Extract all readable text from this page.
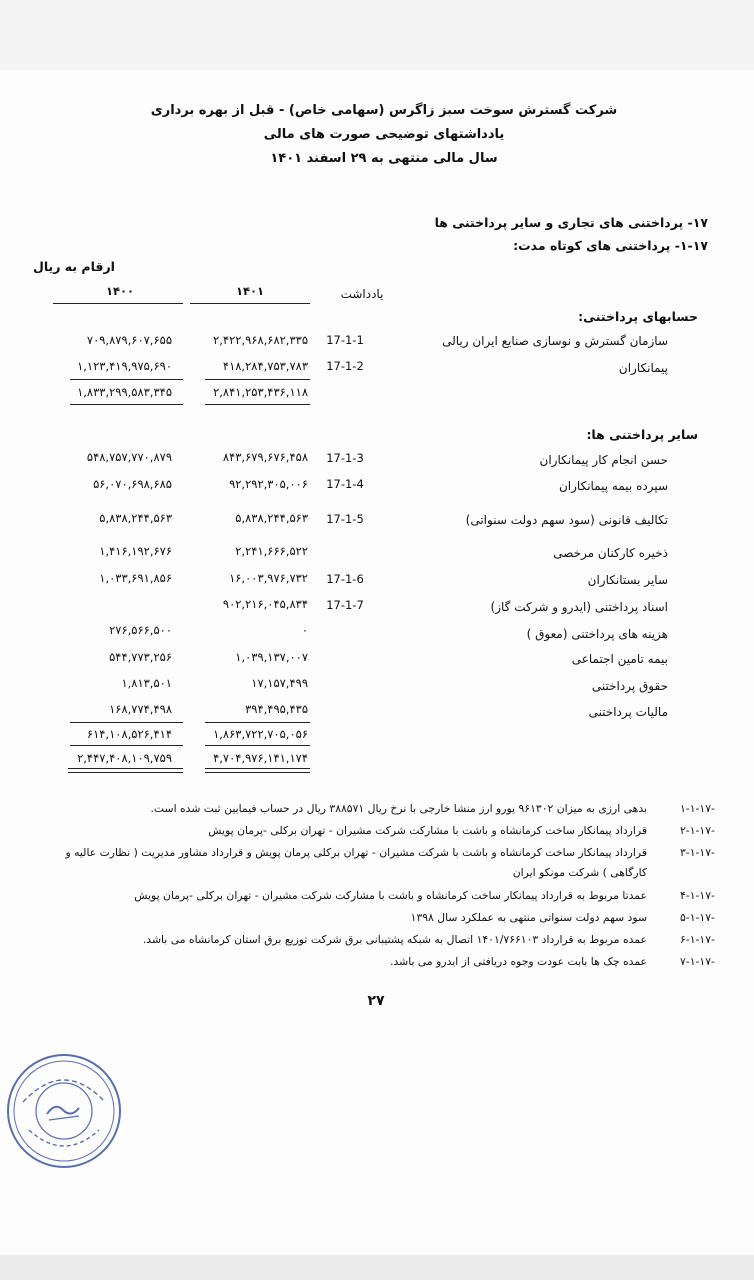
شرکت گسترش سوخت سبز زاگرس (سهامی خاص) - قبل از بهره برداری
یادداشتهای توضیحی صورت های مالی
سال مالی منتهی به ۲۹ اسفند ۱۴۰۱
۱۷- پرداختنی های تجاری و سایر پرداختنی ها
۱-۱۷- پرداختنی های کوتاه مدت:
ارقام به ریال
یادداشت
۱۴۰۱
۱۴۰۰
حسابهای پرداختنی:
سازمان گسترش و نوسازی صنایع ایران ریالی
17-1-1
۲,۴۲۲,۹۶۸,۶۸۲,۳۳۵
۷۰۹,۸۷۹,۶۰۷,۶۵۵
پیمانکاران
17-1-2
۴۱۸,۲۸۴,۷۵۳,۷۸۳
۱,۱۲۳,۴۱۹,۹۷۵,۶۹۰
۲,۸۴۱,۲۵۳,۴۳۶,۱۱۸
۱,۸۳۳,۲۹۹,۵۸۳,۳۴۵
سایر پرداختنی ها:
حسن انجام کار پیمانکاران
17-1-3
۸۴۳,۶۷۹,۶۷۶,۴۵۸
۵۴۸,۷۵۷,۷۷۰,۸۷۹
سپرده بیمه پیمانکاران
17-1-4
۹۲,۲۹۲,۳۰۵,۰۰۶
۵۶,۰۷۰,۶۹۸,۶۸۵
تکالیف قانونی (سود سهم دولت سنواتی)
17-1-5
۵,۸۳۸,۲۴۴,۵۶۳
۵,۸۳۸,۲۴۴,۵۶۳
ذخیره کارکنان مرخصی
۲,۲۴۱,۶۶۶,۵۲۲
۱,۴۱۶,۱۹۲,۶۷۶
سایر بستانکاران
17-1-6
۱۶,۰۰۳,۹۷۶,۷۳۲
۱,۰۳۳,۶۹۱,۸۵۶
اسناد پرداختنی (ایدرو و شرکت گاز)
17-1-7
۹۰۲,۲۱۶,۰۴۵,۸۳۴
هزینه های پرداختنی (معوق )
۰
۲۷۶,۵۶۶,۵۰۰
بیمه تامین اجتماعی
۱,۰۳۹,۱۳۷,۰۰۷
۵۴۴,۷۷۳,۲۵۶
حقوق پرداختنی
۱۷,۱۵۷,۴۹۹
۱,۸۱۳,۵۰۱
مالیات پرداختنی
۳۹۴,۴۹۵,۴۳۵
۱۶۸,۷۷۴,۴۹۸
۱,۸۶۳,۷۲۲,۷۰۵,۰۵۶
۶۱۴,۱۰۸,۵۲۶,۴۱۴
۴,۷۰۴,۹۷۶,۱۴۱,۱۷۴
۲,۴۴۷,۴۰۸,۱۰۹,۷۵۹
۱-۱-۱۷-
بدهی ارزی به میزان ۹۶۱۳۰۲ یورو ارز منشا خارجی با نرخ ریال ۳۸۸۵۷۱ ریال در حساب فیمابین ثبت شده است.
۲-۱-۱۷-
قرارداد پیمانکار ساخت کرمانشاه و باشت با مشارکت شرکت مشیران - تهران برکلی -پرمان پویش
۳-۱-۱۷-
قرارداد پیمانکار ساخت کرمانشاه و باشت با شرکت مشیران - تهران برکلی پرمان پویش و قرارداد مشاور مدیریت ( نظارت عالیه و
کارگاهی ) شرکت مونکو ایران
۴-۱-۱۷-
عمدتا مربوط به قرارداد پیمانکار ساخت کرمانشاه و باشت با مشارکت شرکت مشیران - تهران برکلی -پرمان پویش
۵-۱-۱۷-
سود سهم دولت سنواتی منتهی به عملکرد سال ۱۳۹۸
۶-۱-۱۷-
عمده مربوط به قرارداد ۱۴۰۱/۷۶۶۱۰۳ اتصال به شبکه پشتیبانی برق شرکت توزیع برق استان کرمانشاه می باشد.
۷-۱-۱۷-
عمده چک ها بابت عودت وجوه دریافتی از ایدرو می باشد.
۲۷
